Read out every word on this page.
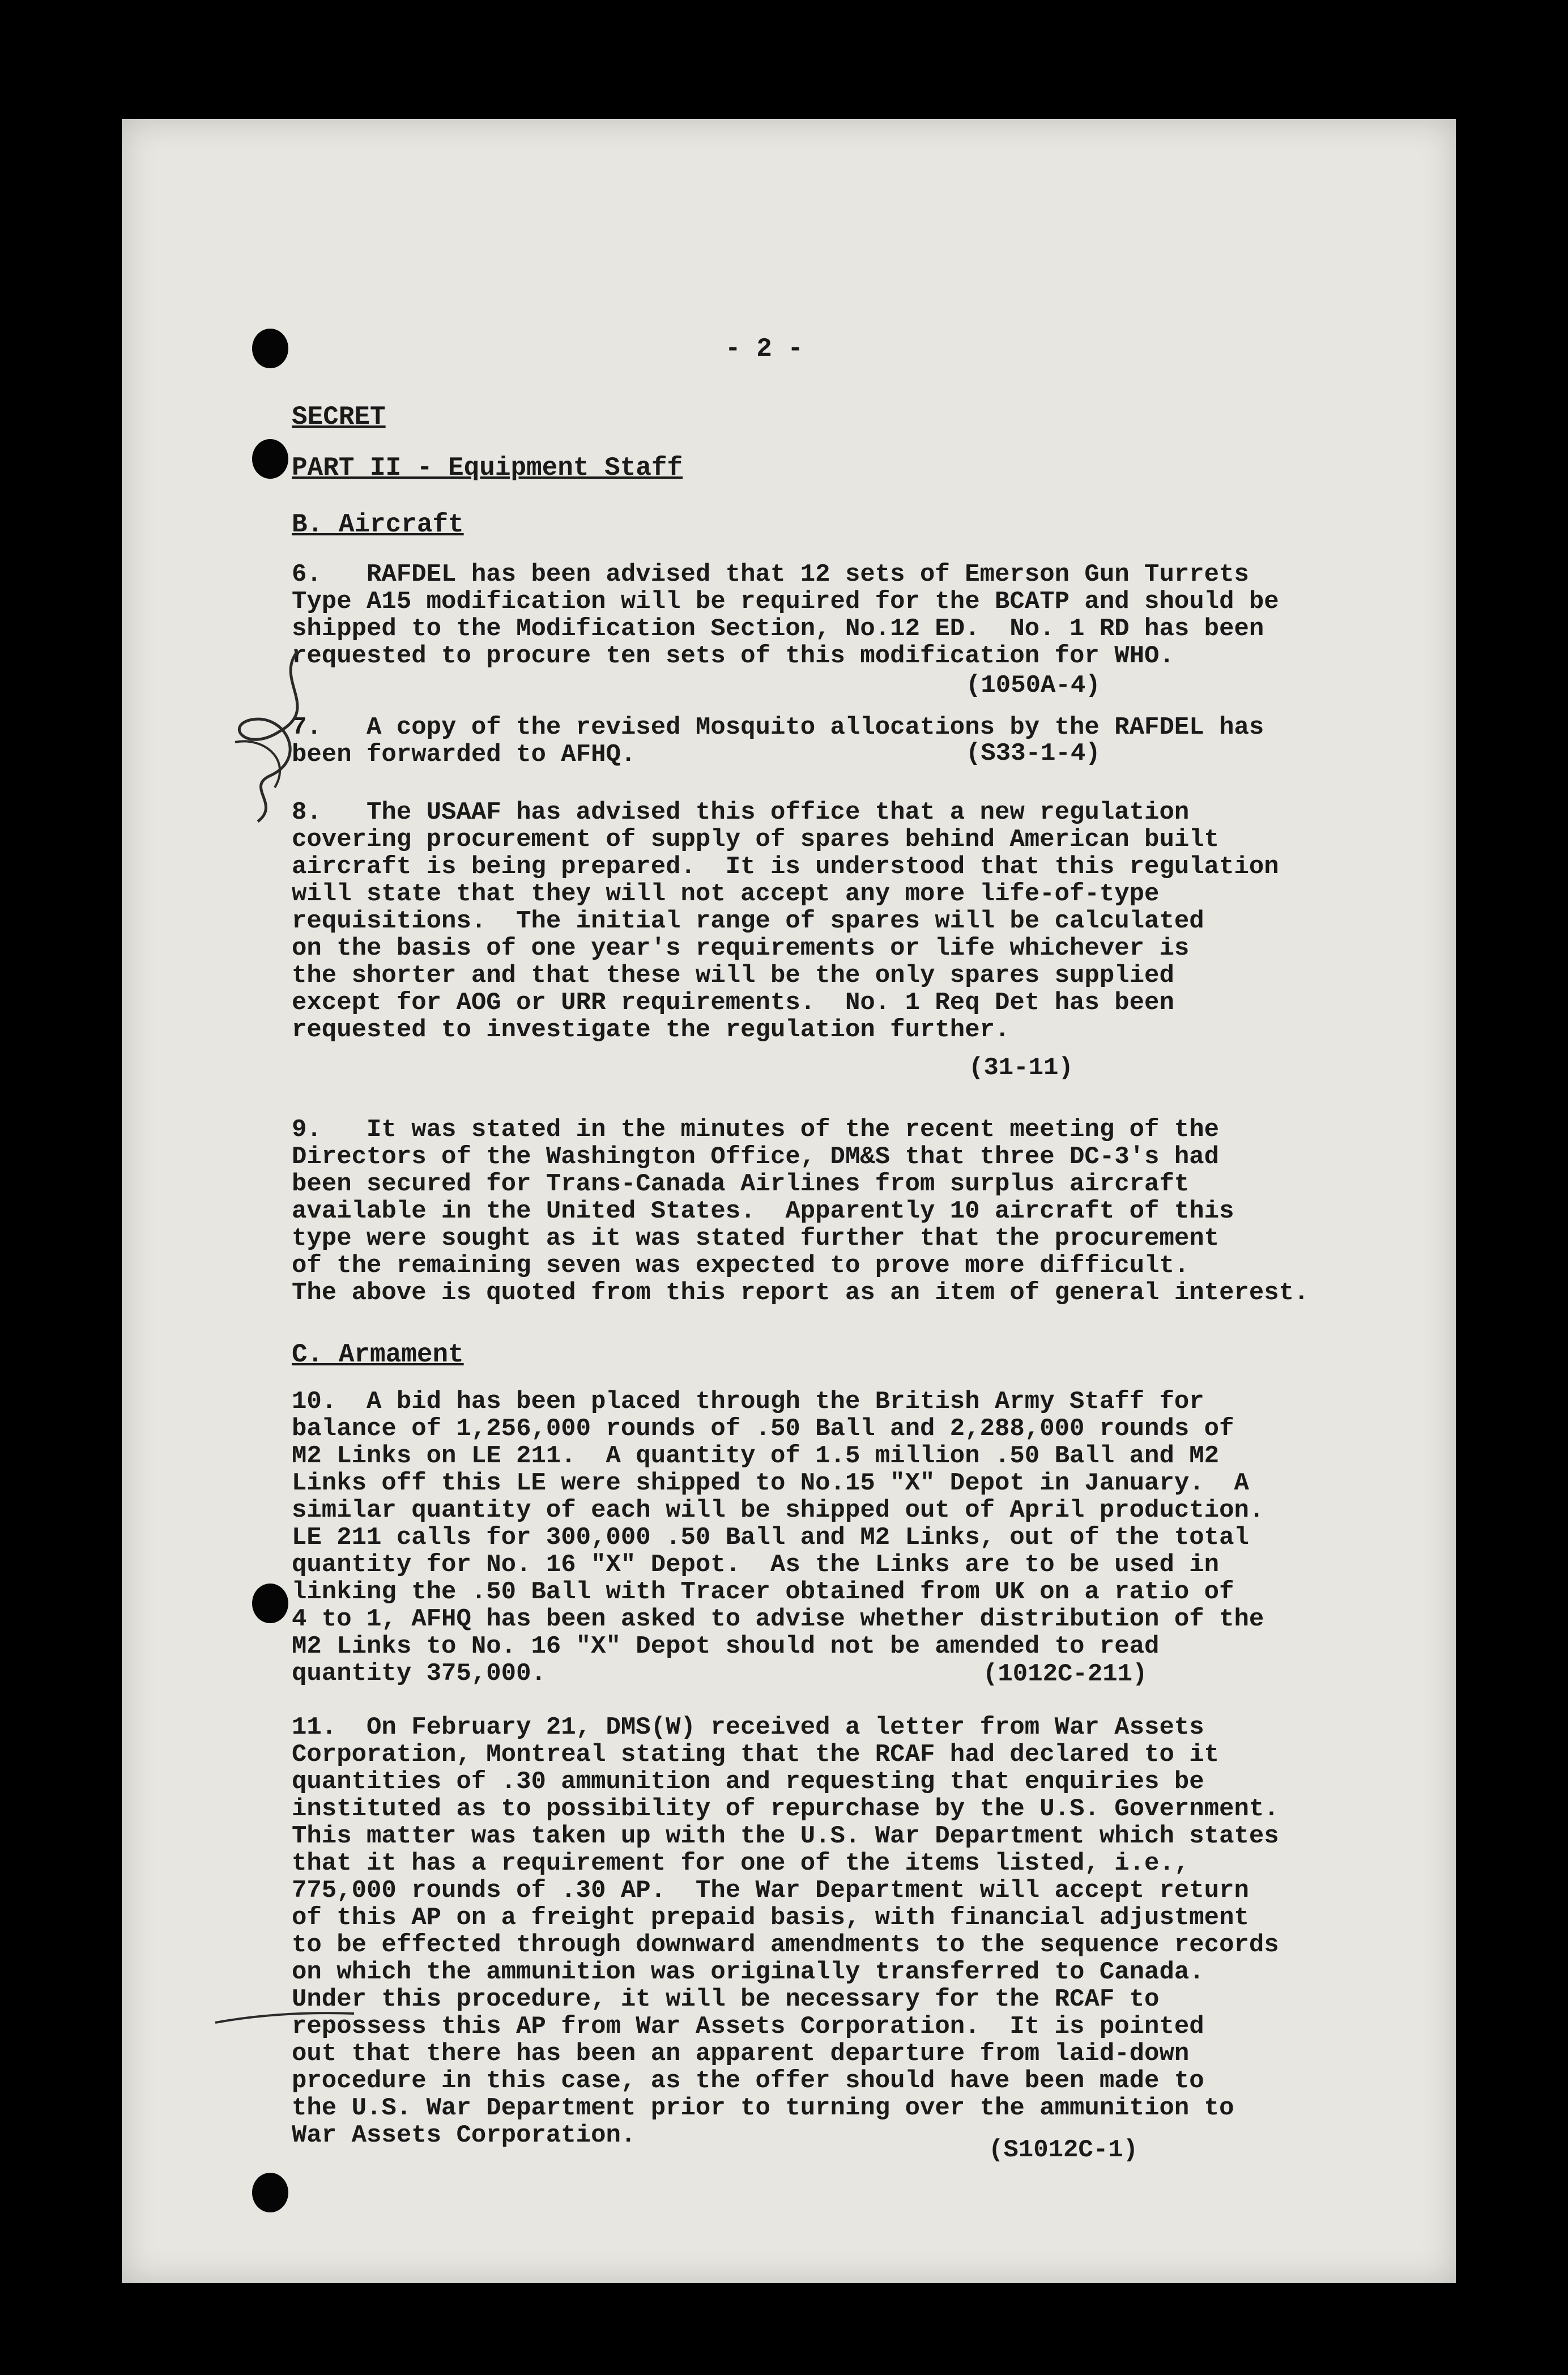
- 2 -
SECRET
PART II - Equipment Staff
B. Aircraft
6.   RAFDEL has been advised that 12 sets of Emerson Gun Turrets
Type A15 modification will be required for the BCATP and should be
shipped to the Modification Section, No.12 ED.  No. 1 RD has been
requested to procure ten sets of this modification for WHO.
(1050A-4)
7.   A copy of the revised Mosquito allocations by the RAFDEL has
been forwarded to AFHQ.	(S33-1-4)
8.   The USAAF has advised this office that a new regulation
covering procurement of supply of spares behind American built
aircraft is being prepared.  It is understood that this regulation
will state that they will not accept any more life-of-type
requisitions.  The initial range of spares will be calculated
on the basis of one year's requirements or life whichever is
the shorter and that these will be the only spares supplied
except for AOG or URR requirements.  No. 1 Req Det has been
requested to investigate the regulation further.
(31-11)
9.   It was stated in the minutes of the recent meeting of the
Directors of the Washington Office, DM&S that three DC-3's had
been secured for Trans-Canada Airlines from surplus aircraft
available in the United States.  Apparently 10 aircraft of this
type were sought as it was stated further that the procurement
of the remaining seven was expected to prove more difficult.
The above is quoted from this report as an item of general interest.
C. Armament
10.  A bid has been placed through the British Army Staff for
balance of 1,256,000 rounds of .50 Ball and 2,288,000 rounds of
M2 Links on LE 211.  A quantity of 1.5 million .50 Ball and M2
Links off this LE were shipped to No.15 "X" Depot in January.  A
similar quantity of each will be shipped out of April production.
LE 211 calls for 300,000 .50 Ball and M2 Links, out of the total
quantity for No. 16 "X" Depot.  As the Links are to be used in
linking the .50 Ball with Tracer obtained from UK on a ratio of
4 to 1, AFHQ has been asked to advise whether distribution of the
M2 Links to No. 16 "X" Depot should not be amended to read
quantity 375,000.	(1012C-211)
11.  On February 21, DMS(W) received a letter from War Assets
Corporation, Montreal stating that the RCAF had declared to it
quantities of .30 ammunition and requesting that enquiries be
instituted as to possibility of repurchase by the U.S. Government.
This matter was taken up with the U.S. War Department which states
that it has a requirement for one of the items listed, i.e.,
775,000 rounds of .30 AP.  The War Department will accept return
of this AP on a freight prepaid basis, with financial adjustment
to be effected through downward amendments to the sequence records
on which the ammunition was originally transferred to Canada.
Under this procedure, it will be necessary for the RCAF to
repossess this AP from War Assets Corporation.  It is pointed
out that there has been an apparent departure from laid-down
procedure in this case, as the offer should have been made to
the U.S. War Department prior to turning over the ammunition to
War Assets Corporation.
(S1012C-1)
